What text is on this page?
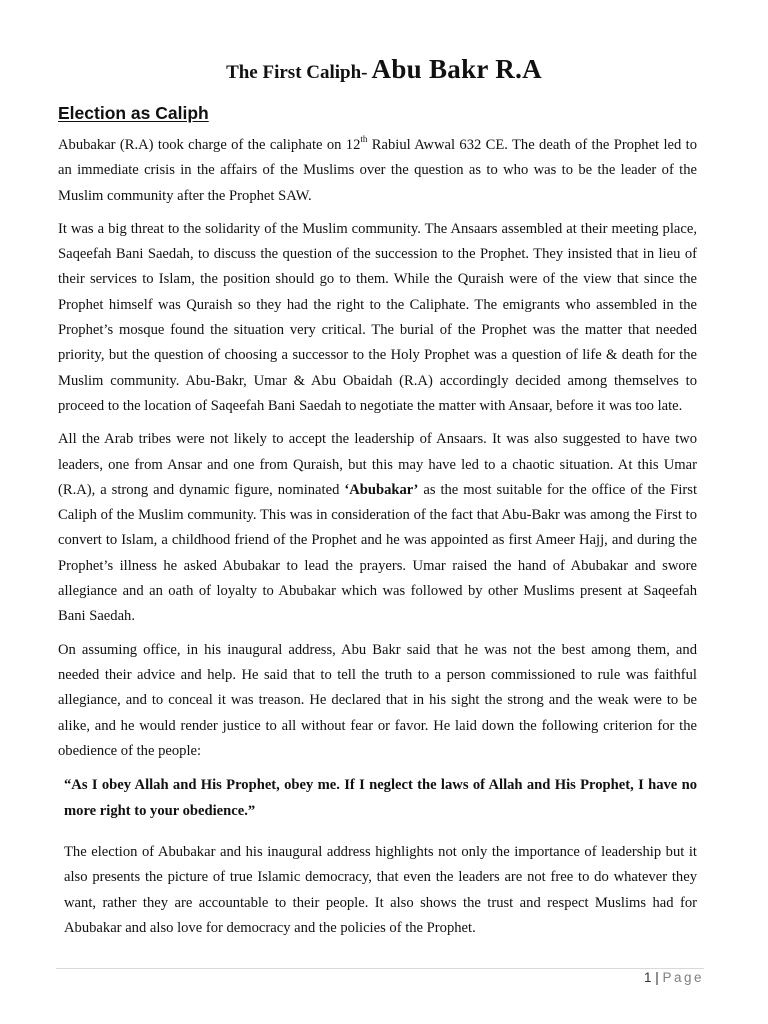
The First Caliph- Abu Bakr R.A
Election as Caliph

Abubakar (R.A) took charge of the caliphate on 12th Rabiul Awwal 632 CE. The death of the Prophet led to an immediate crisis in the affairs of the Muslims over the question as to who was to be the leader of the Muslim community after the Prophet SAW.

It was a big threat to the solidarity of the Muslim community. The Ansaars assembled at their meeting place, Saqeefah Bani Saedah, to discuss the question of the succession to the Prophet. They insisted that in lieu of their services to Islam, the position should go to them. While the Quraish were of the view that since the Prophet himself was Quraish so they had the right to the Caliphate. The emigrants who assembled in the Prophet’s mosque found the situation very critical. The burial of the Prophet was the matter that needed priority, but the question of choosing a successor to the Holy Prophet was a question of life & death for the Muslim community. Abu-Bakr, Umar & Abu Obaidah (R.A) accordingly decided among themselves to proceed to the location of Saqeefah Bani Saedah to negotiate the matter with Ansaar, before it was too late.

All the Arab tribes were not likely to accept the leadership of Ansaars. It was also suggested to have two leaders, one from Ansar and one from Quraish, but this may have led to a chaotic situation. At this Umar (R.A), a strong and dynamic figure, nominated ‘Abubakar’ as the most suitable for the office of the First Caliph of the Muslim community. This was in consideration of the fact that Abu-Bakr was among the First to convert to Islam, a childhood friend of the Prophet and he was appointed as first Ameer Hajj, and during the Prophet’s illness he asked Abubakar to lead the prayers. Umar raised the hand of Abubakar and swore allegiance and an oath of loyalty to Abubakar which was followed by other Muslims present at Saqeefah Bani Saedah.

On assuming office, in his inaugural address, Abu Bakr said that he was not the best among them, and needed their advice and help. He said that to tell the truth to a person commissioned to rule was faithful allegiance, and to conceal it was treason. He declared that in his sight the strong and the weak were to be alike, and he would render justice to all without fear or favor. He laid down the following criterion for the obedience of the people:

“As I obey Allah and His Prophet, obey me. If I neglect the laws of Allah and His Prophet, I have no more right to your obedience.”

The election of Abubakar and his inaugural address highlights not only the importance of leadership but it also presents the picture of true Islamic democracy, that even the leaders are not free to do whatever they want, rather they are accountable to their people. It also shows the trust and respect Muslims had for Abubakar and also love for democracy and the policies of the Prophet.

1 | Page
